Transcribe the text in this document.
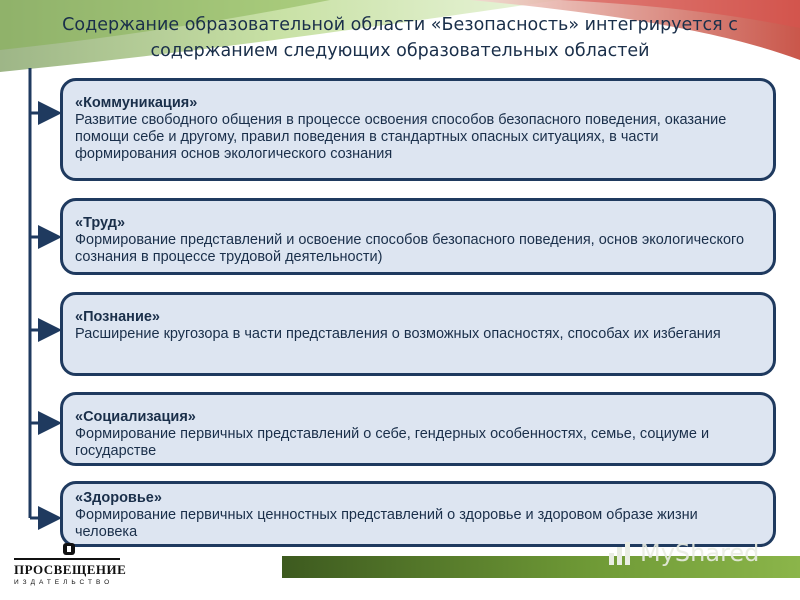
Содержание образовательной области «Безопасность» интегрируется с содержанием следующих образовательных областей
«Коммуникация»
Развитие свободного общения в процессе освоения способов безопасного поведения, оказание помощи себе и другому, правил поведения в стандартных опасных ситуациях, в части формирования основ экологического сознания
«Труд»
Формирование представлений и освоение способов безопасного поведения, основ экологического сознания в процессе трудовой деятельности)
«Познание»
Расширение кругозора в части представления о возможных опасностях, способах их избегания
«Социализация»
Формирование первичных представлений о себе, гендерных особенностях, семье, социуме и государстве
«Здоровье»
Формирование первичных ценностных представлений о здоровье и здоровом образе жизни человека
ПРОСВЕЩЕНИЕ
ИЗДАТЕЛЬСТВО
MyShared
